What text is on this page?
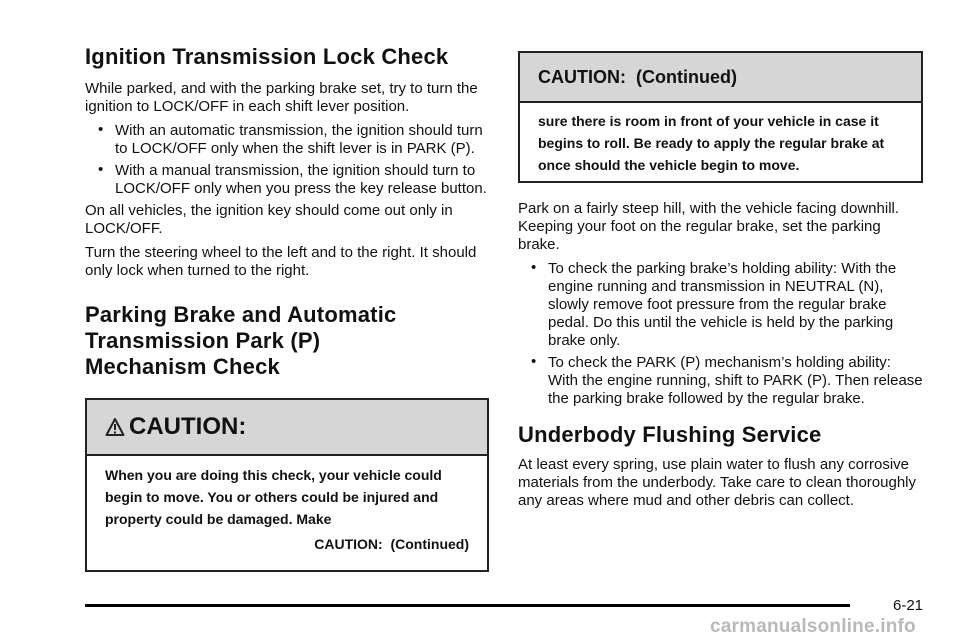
Ignition Transmission Lock Check

While parked, and with the parking brake set, try to turn the ignition to LOCK/OFF in each shift lever position.

• With an automatic transmission, the ignition should turn to LOCK/OFF only when the shift lever is in PARK (P).
• With a manual transmission, the ignition should turn to LOCK/OFF only when you press the key release button.

On all vehicles, the ignition key should come out only in LOCK/OFF.

Turn the steering wheel to the left and to the right. It should only lock when turned to the right.

Parking Brake and Automatic Transmission Park (P) Mechanism Check
CAUTION:
When you are doing this check, your vehicle could begin to move. You or others could be injured and property could be damaged. Make
CAUTION:  (Continued)
CAUTION:  (Continued)
sure there is room in front of your vehicle in case it begins to roll. Be ready to apply the regular brake at once should the vehicle begin to move.

Park on a fairly steep hill, with the vehicle facing downhill. Keeping your foot on the regular brake, set the parking brake.

• To check the parking brake’s holding ability: With the engine running and transmission in NEUTRAL (N), slowly remove foot pressure from the regular brake pedal. Do this until the vehicle is held by the parking brake only.
• To check the PARK (P) mechanism’s holding ability: With the engine running, shift to PARK (P). Then release the parking brake followed by the regular brake.
Underbody Flushing Service

At least every spring, use plain water to flush any corrosive materials from the underbody. Take care to clean thoroughly any areas where mud and other debris can collect.

6-21
carmanualsonline.info
